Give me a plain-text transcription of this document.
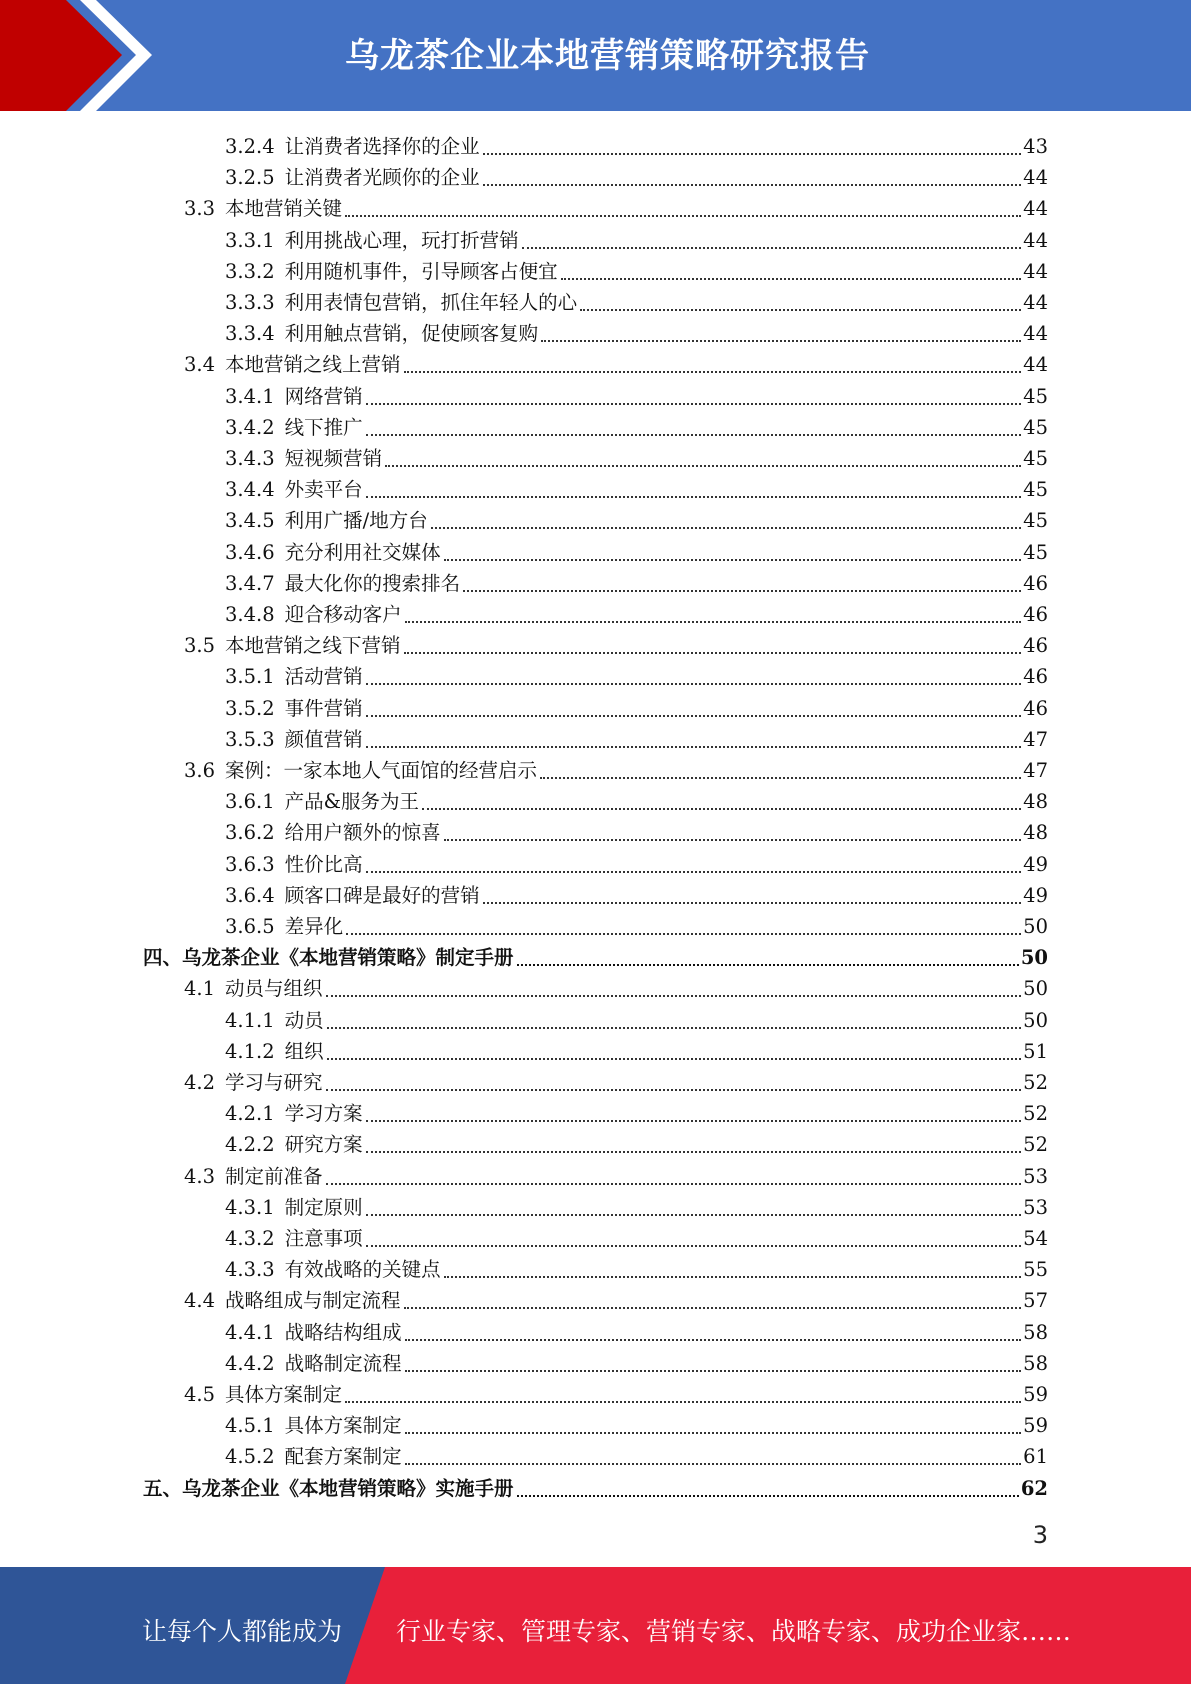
乌龙茶企业本地营销策略研究报告
3.2.4 让消费者选择你的企业	43
3.2.5 让消费者光顾你的企业	44
3.3 本地营销关键	44
3.3.1 利用挑战心理，玩打折营销	44
3.3.2 利用随机事件，引导顾客占便宜	44
3.3.3 利用表情包营销，抓住年轻人的心	44
3.3.4 利用触点营销，促使顾客复购	44
3.4 本地营销之线上营销	44
3.4.1 网络营销	45
3.4.2 线下推广	45
3.4.3 短视频营销	45
3.4.4 外卖平台	45
3.4.5 利用广播/地方台	45
3.4.6 充分利用社交媒体	45
3.4.7 最大化你的搜索排名	46
3.4.8 迎合移动客户	46
3.5 本地营销之线下营销	46
3.5.1 活动营销	46
3.5.2 事件营销	46
3.5.3 颜值营销	47
3.6 案例：一家本地人气面馆的经营启示	47
3.6.1 产品&服务为王	48
3.6.2 给用户额外的惊喜	48
3.6.3 性价比高	49
3.6.4 顾客口碑是最好的营销	49
3.6.5 差异化	50
四、乌龙茶企业《本地营销策略》制定手册	50
4.1 动员与组织	50
4.1.1 动员	50
4.1.2 组织	51
4.2 学习与研究	52
4.2.1 学习方案	52
4.2.2 研究方案	52
4.3 制定前准备	53
4.3.1 制定原则	53
4.3.2 注意事项	54
4.3.3 有效战略的关键点	55
4.4 战略组成与制定流程	57
4.4.1 战略结构组成	58
4.4.2 战略制定流程	58
4.5 具体方案制定	59
4.5.1 具体方案制定	59
4.5.2 配套方案制定	61
五、乌龙茶企业《本地营销策略》实施手册	62
3
让每个人都能成为 行业专家、管理专家、营销专家、战略专家、成功企业家……
